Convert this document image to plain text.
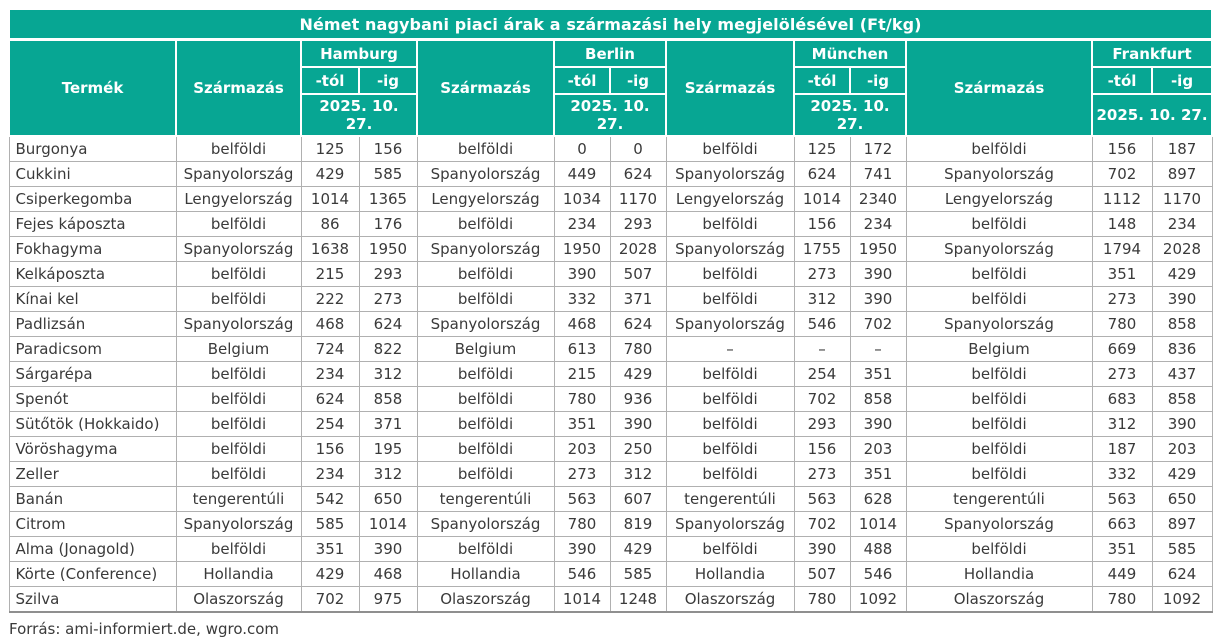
Német nagybani piaci árak a származási hely megjelölésével (Ft/kg)												
Termék	Származás	Hamburg		Származás	Berlin		Származás	München		Származás	Frankfurt	
		-tól	-ig		-tól	-ig		-tól	-ig		-tól	-ig
		2025. 10. 27.			2025. 10. 27.			2025. 10. 27.			2025. 10. 27.	
Burgonya	belföldi	125	156	belföldi	0	0	belföldi	125	172	belföldi	156	187
Cukkini	Spanyolország	429	585	Spanyolország	449	624	Spanyolország	624	741	Spanyolország	702	897
Csiperkegomba	Lengyelország	1014	1365	Lengyelország	1034	1170	Lengyelország	1014	2340	Lengyelország	1112	1170
Fejes káposzta	belföldi	86	176	belföldi	234	293	belföldi	156	234	belföldi	148	234
Fokhagyma	Spanyolország	1638	1950	Spanyolország	1950	2028	Spanyolország	1755	1950	Spanyolország	1794	2028
Kelkáposzta	belföldi	215	293	belföldi	390	507	belföldi	273	390	belföldi	351	429
Kínai kel	belföldi	222	273	belföldi	332	371	belföldi	312	390	belföldi	273	390
Padlizsán	Spanyolország	468	624	Spanyolország	468	624	Spanyolország	546	702	Spanyolország	780	858
Paradicsom	Belgium	724	822	Belgium	613	780	–	–	–	Belgium	669	836
Sárgarépa	belföldi	234	312	belföldi	215	429	belföldi	254	351	belföldi	273	437
Spenót	belföldi	624	858	belföldi	780	936	belföldi	702	858	belföldi	683	858
Sütőtök (Hokkaido)	belföldi	254	371	belföldi	351	390	belföldi	293	390	belföldi	312	390
Vöröshagyma	belföldi	156	195	belföldi	203	250	belföldi	156	203	belföldi	187	203
Zeller	belföldi	234	312	belföldi	273	312	belföldi	273	351	belföldi	332	429
Banán	tengerentúli	542	650	tengerentúli	563	607	tengerentúli	563	628	tengerentúli	563	650
Citrom	Spanyolország	585	1014	Spanyolország	780	819	Spanyolország	702	1014	Spanyolország	663	897
Alma (Jonagold)	belföldi	351	390	belföldi	390	429	belföldi	390	488	belföldi	351	585
Körte (Conference)	Hollandia	429	468	Hollandia	546	585	Hollandia	507	546	Hollandia	449	624
Szilva	Olaszország	702	975	Olaszország	1014	1248	Olaszország	780	1092	Olaszország	780	1092
Forrás: ami-informiert.de, wgro.com
